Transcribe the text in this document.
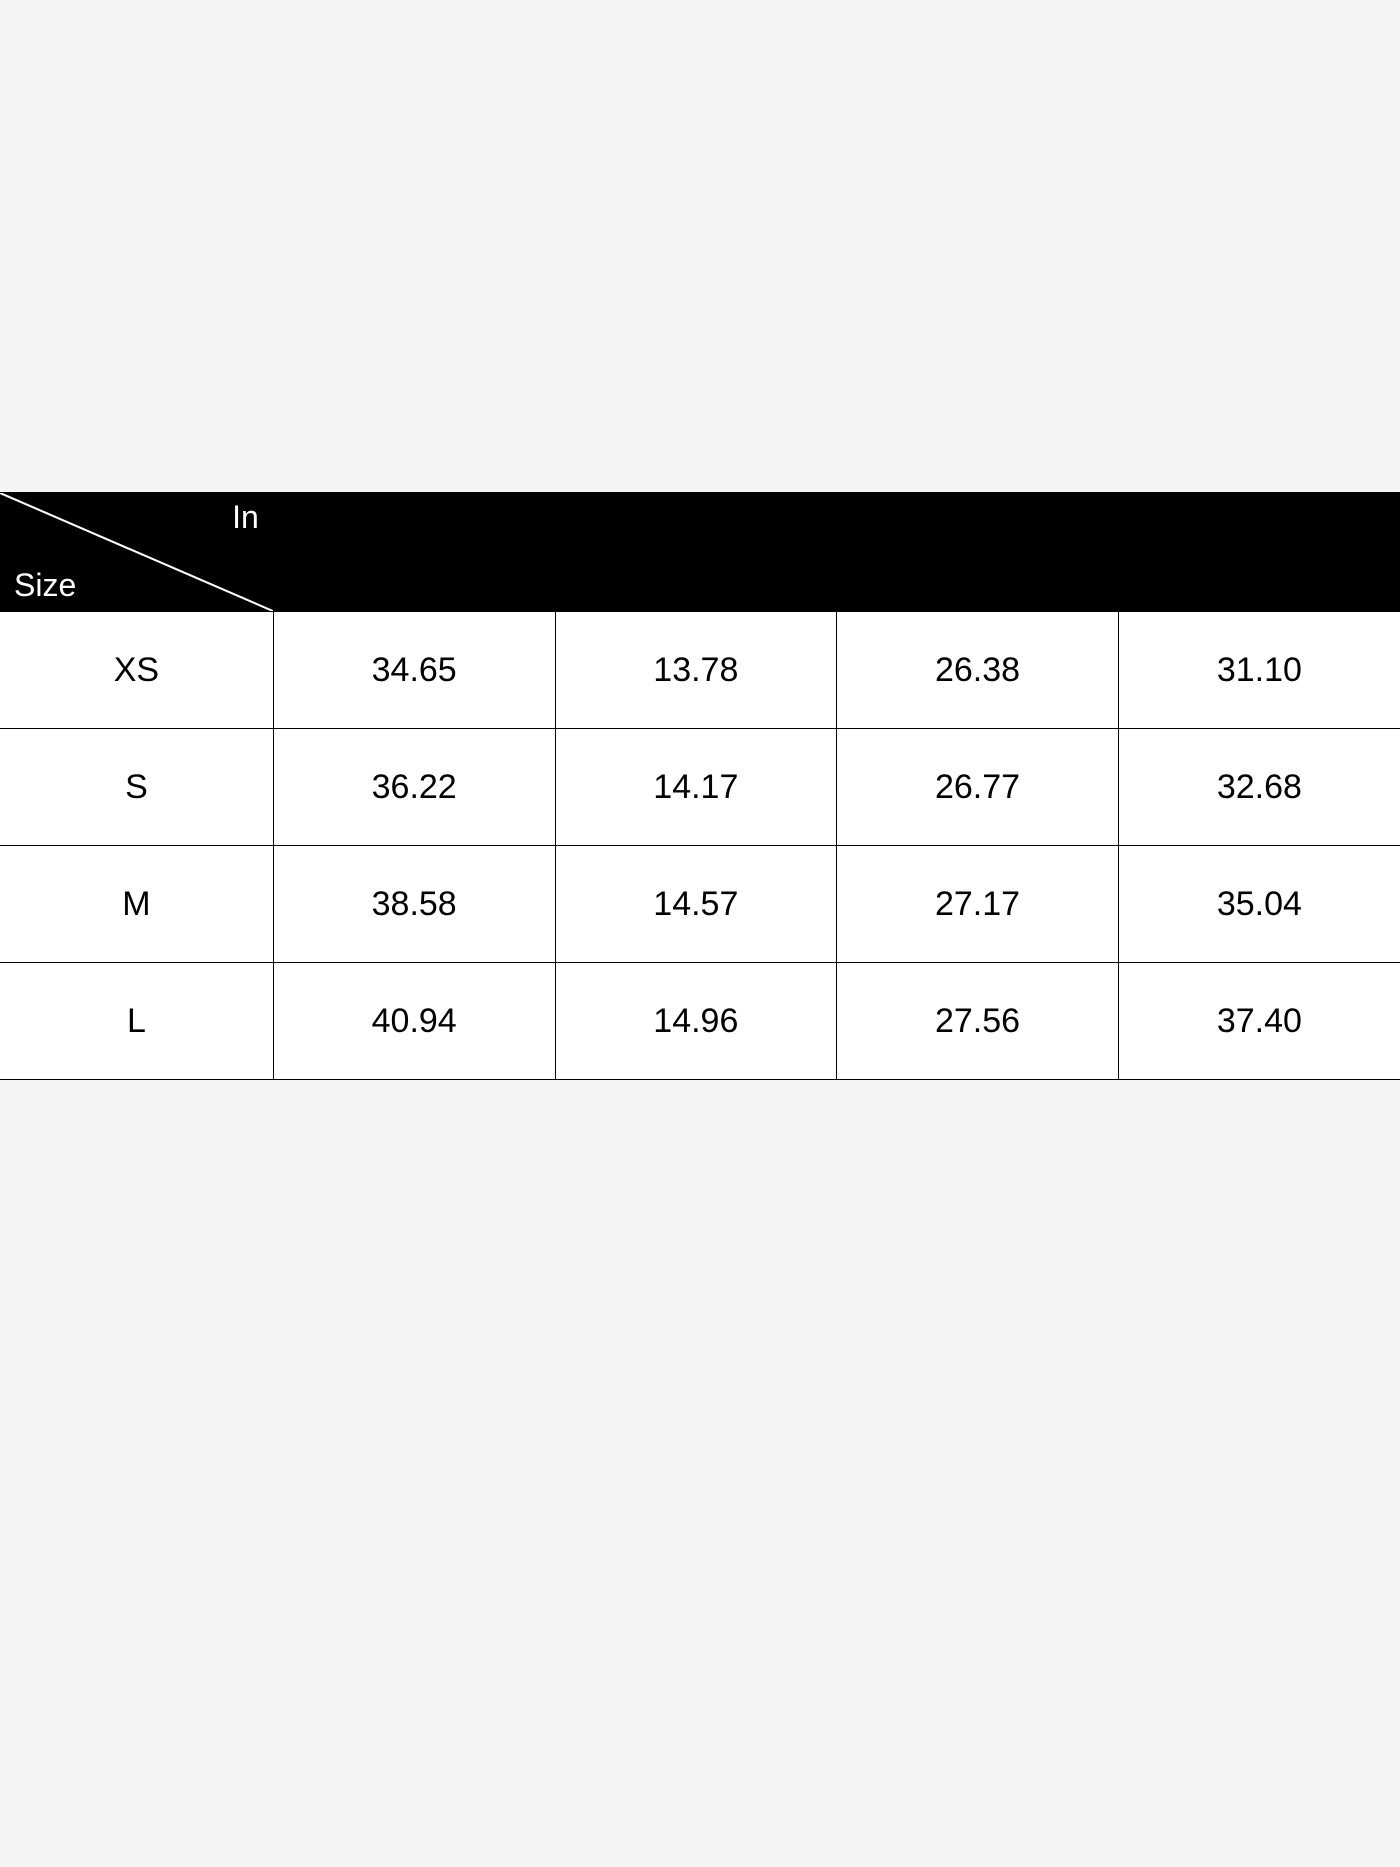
In
Size	Bust	Shoulder	Length	Waist
XS	34.65	13.78	26.38	31.10
S	36.22	14.17	26.77	32.68
M	38.58	14.57	27.17	35.04
L	40.94	14.96	27.56	37.40
